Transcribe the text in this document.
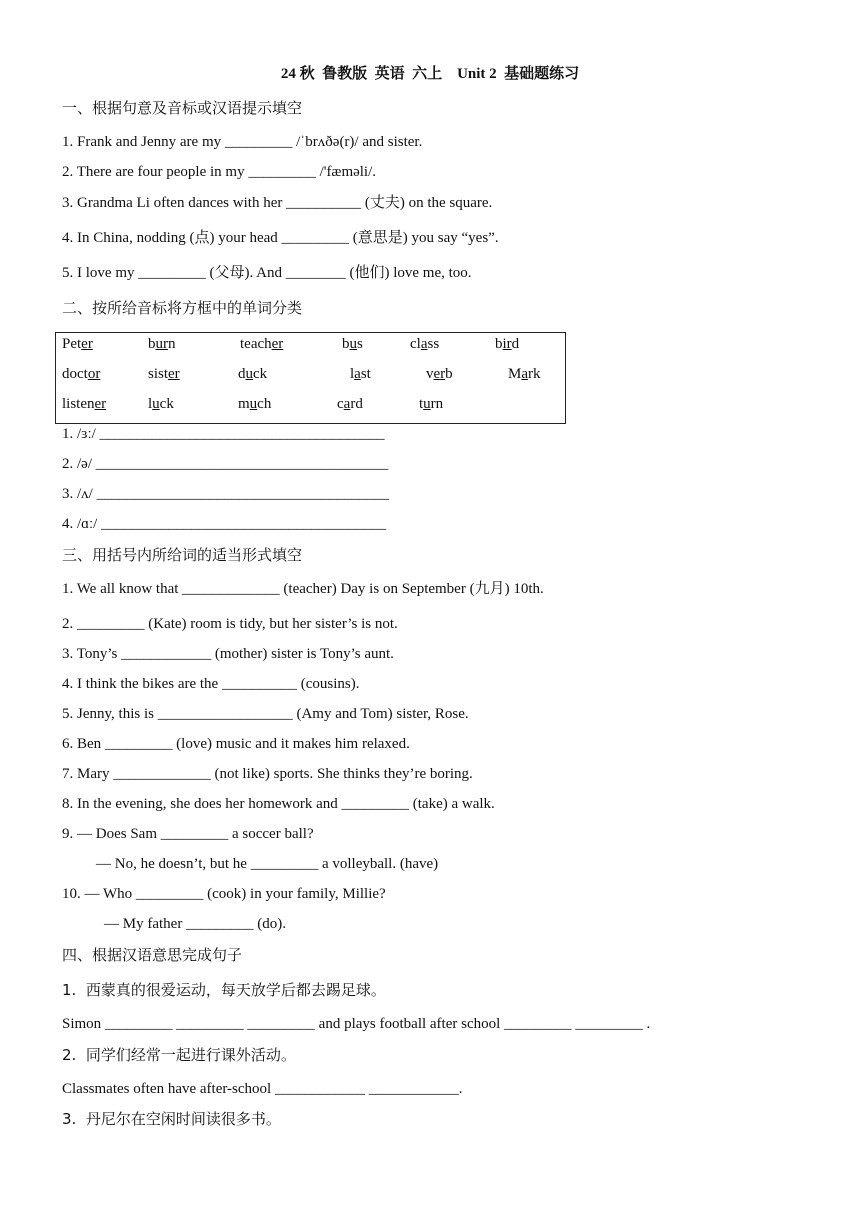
24 秋  鲁教版  英语  六上    Unit 2  基础题练习
一、根据句意及音标或汉语提示填空
1. Frank and Jenny are my _________ /ˈbrʌðə(r)/ and sister.
2. There are four people in my _________ /'fæməli/.
3. Grandma Li often dances with her __________ (丈夫) on the square.
4. In China, nodding (点) your head _________ (意思是) you say “yes”.
5. I love my _________ (父母). And ________ (他们) love me, too.
二、按所给音标将方框中的单词分类
Peter	burn	teacher	bus	class	bird
doctor	sister	duck	last	verb	Mark
listener	luck	much	card	turn
1. /ɜː/ ______________________________________
2. /ə/ _______________________________________
3. /ʌ/ _______________________________________
4. /ɑː/ ______________________________________
三、用括号内所给词的适当形式填空
1. We all know that _____________ (teacher) Day is on September (九月) 10th.
2. _________ (Kate) room is tidy, but her sister’s is not.
3. Tony’s ____________ (mother) sister is Tony’s aunt.
4. I think the bikes are the __________ (cousins).
5. Jenny, this is __________________ (Amy and Tom) sister, Rose.
6. Ben _________ (love) music and it makes him relaxed.
7. Mary _____________ (not like) sports. She thinks they’re boring.
8. In the evening, she does her homework and _________ (take) a walk.
9. — Does Sam _________ a soccer ball?
— No, he doesn’t, but he _________ a volleyball. (have)
10. — Who _________ (cook) in your family, Millie?
— My father _________ (do).
四、根据汉语意思完成句子
1.  西蒙真的很爱运动，每天放学后都去踢足球。
Simon _________ _________ _________ and plays football after school _________ _________ .
2.  同学们经常一起进行课外活动。
Classmates often have after-school ____________ ____________.
3.  丹尼尔在空闲时间读很多书。
